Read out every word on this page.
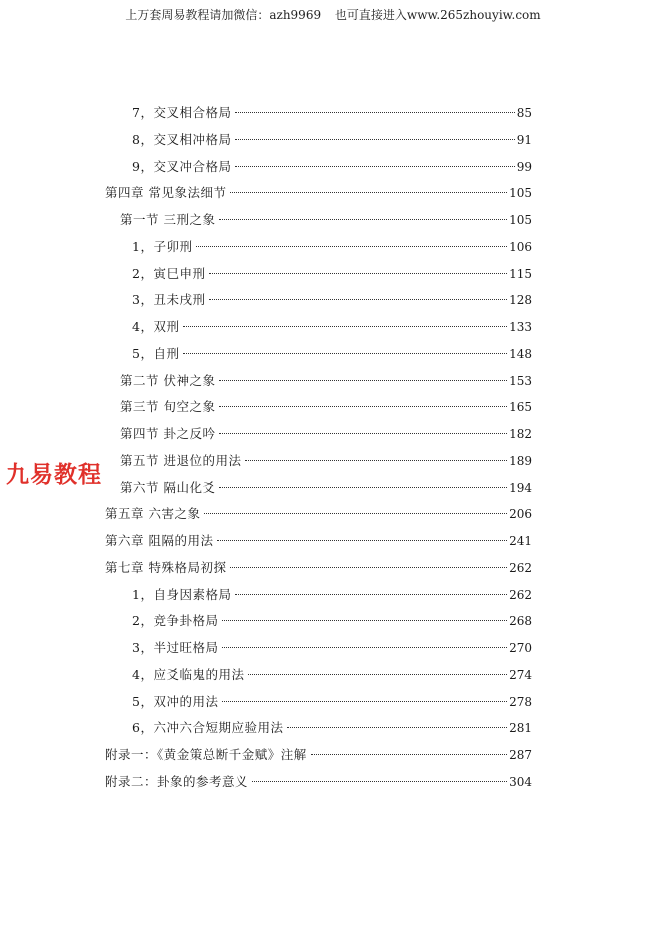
上万套周易教程请加微信：azh9969 也可直接进入www.265zhouyiw.com
九易教程
7，交叉相合格局	85
8，交叉相冲格局	91
9，交叉冲合格局	99
第四章 常见象法细节	105
第一节 三刑之象	105
1，子卯刑	106
2，寅巳申刑	115
3，丑未戌刑	128
4，双刑	133
5，自刑	148
第二节 伏神之象	153
第三节 旬空之象	165
第四节 卦之反吟	182
第五节 进退位的用法	189
第六节 隔山化爻	194
第五章 六害之象	206
第六章 阻隔的用法	241
第七章 特殊格局初探	262
1，自身因素格局	262
2，竞争卦格局	268
3，半过旺格局	270
4，应爻临鬼的用法	274
5，双冲的用法	278
6，六冲六合短期应验用法	281
附录一：《黄金策总断千金赋》注解	287
附录二：卦象的参考意义	304
